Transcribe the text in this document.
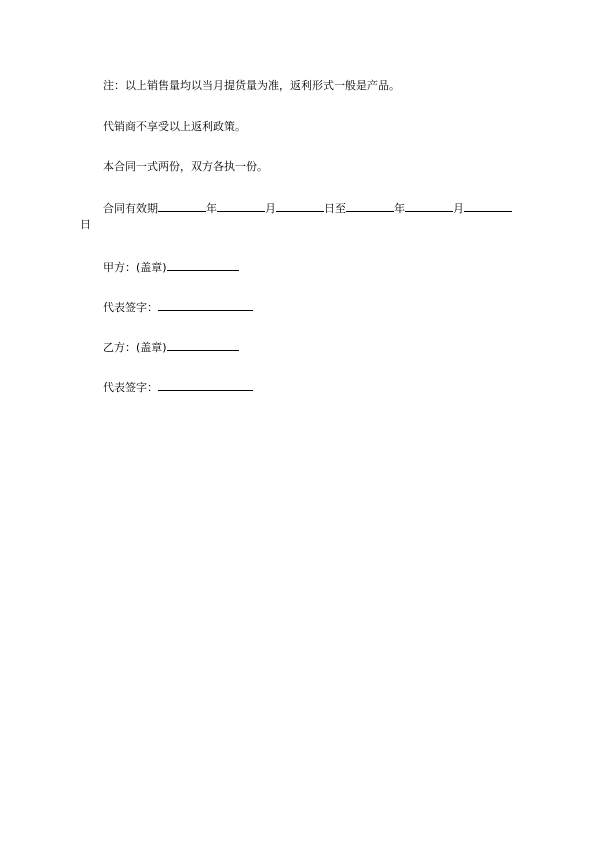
注：以上销售量均以当月提货量为准，返利形式一般是产品。
代销商不享受以上返利政策。
本合同一式两份，双方各执一份。
合同有效期	年	月	日至	年	月
日
甲方：(盖章)
代表签字：
乙方：(盖章)
代表签字：
